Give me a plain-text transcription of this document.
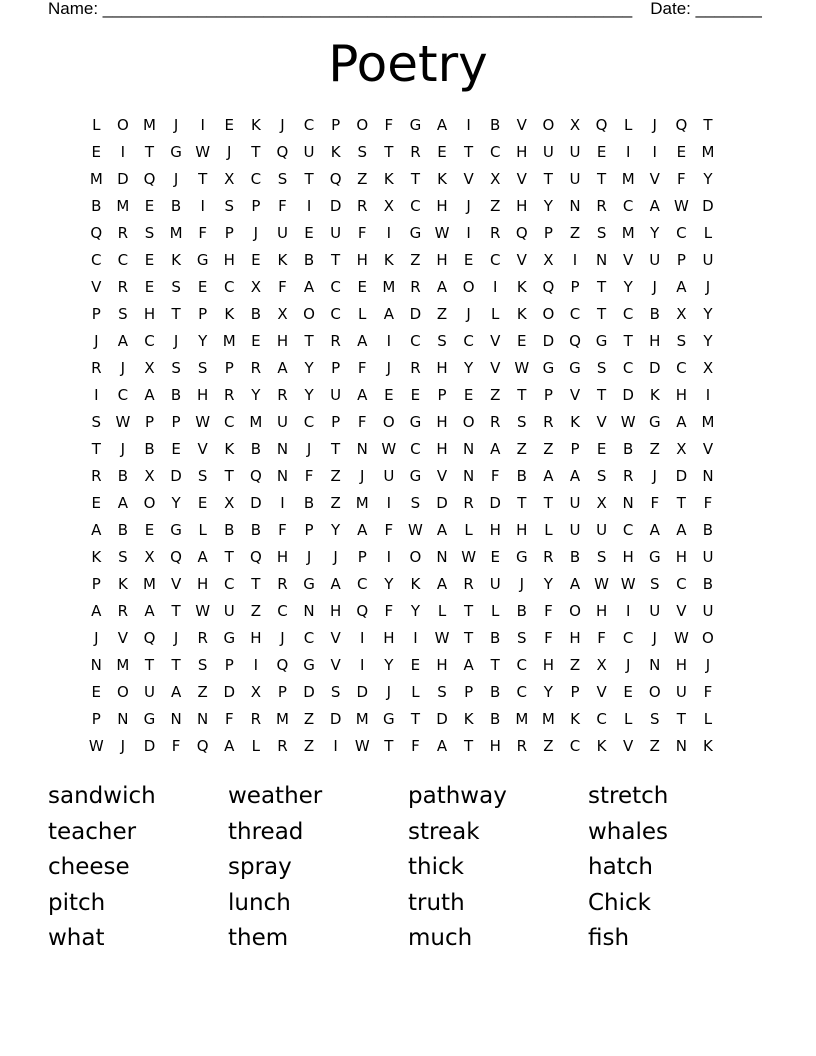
Name: ________________________________________________________ Date: _______
Poetry
L	O M	J	I	E	K	J	C	P	O	F	G	A	I	B	V	O	X	Q	L	J	Q	T
E	I	T	G W	J	T	Q	U	K	S	T	R	E	T	C	H	U	U	E	I	I	E	M
M D Q	J	T	X	C	S	T	Q	Z	K	T	K	V	X	V	T	U	T	M V	F	Y
B M	E	B	I	S	P	F	I	D	R	X	C	H	J	Z	H	Y	N	R	C	A W D
Q	R	S	M	F	P	J	U	E	U	F	I	G W	I	R	Q	P	Z	S	M	Y	C	L
C	C	E	K	G	H	E	K	B	T	H	K	Z	H	E	C	V	X	I	N	V	U	P	U
V	R	E	S	E	C	X	F	A	C	E	M R	A	O	I	K	Q	P	T	Y	J	A	J
P	S	H	T	P	K	B	X	O	C	L	A	D	Z	J	L	K	O	C	T	C	B	X	Y
J	A	C	J	Y	M	E	H	T	R	A	I	C	S	C	V	E	D Q G	T	H	S	Y
R	J	X	S	S	P	R	A	Y	P	F	J	R	H	Y	V W G G	S	C	D	C	X
I	C	A	B	H	R	Y	R	Y	U	A	E	E	P	E	Z	T	P	V	T	D	K	H	I
S W P	P W C M U	C	P	F	O G	H	O	R	S	R	K	V W G	A M
T	J	B	E	V	K	B	N	J	T	N W C	H	N	A	Z	Z	P	E	B	Z	X	V
R	B	X	D	S	T	Q	N	F	Z	J	U	G	V	N	F	B	A	A	S	R	J	D	N
E	A	O	Y	E	X	D	I	B	Z M	I	S	D	R	D	T	T	U	X	N	F	T	F
A	B	E	G	L	B	B	F	P	Y	A	F W A	L	H	H	L	U	U	C	A	A	B
K	S	X	Q	A	T	Q	H	J	J	P	I	O	N W E	G	R	B	S	H	G	H	U
P	K	M V	H	C	T	R	G	A	C	Y	K	A	R	U	J	Y	A W W S	C	B
A	R	A	T W U	Z	C	N	H	Q	F	Y	L	T	L	B	F	O	H	I	U	V	U
J	V	Q	J	R	G	H	J	C	V	I	H	I	W T	B	S	F	H	F	C	J	W O
N M	T	T	S	P	I	Q G	V	I	Y	E	H	A	T	C	H	Z	X	J	N	H	J
E	O	U	A	Z	D	X	P	D	S	D	J	L	S	P	B	C	Y	P	V	E	O	U	F
P	N	G	N	N	F	R M Z	D M G	T	D	K	B M M	K	C	L	S	T	L
W	J	D	F	Q	A	L	R	Z	I	W T	F	A	T	H	R	Z	C	K	V	Z	N	K
sandwich	weather	pathway	stretch
teacher	thread	streak	whales
cheese	spray	thick	hatch
pitch	lunch	truth	Chick
what	them	much	fish
